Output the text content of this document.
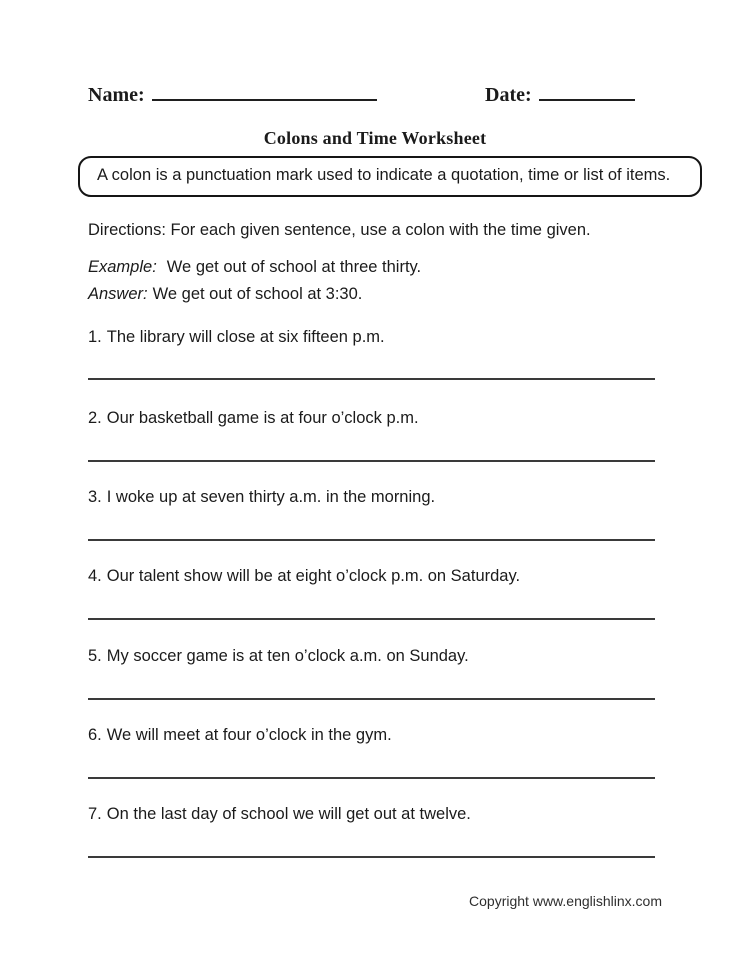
Name:	Date:
Colons and Time Worksheet

A colon is a punctuation mark used to indicate a quotation, time or list of items.

Directions: For each given sentence, use a colon with the time given.
Example: We get out of school at three thirty.
Answer: We get out of school at 3:30.
1. The library will close at six fifteen p.m.
2. Our basketball game is at four o’clock p.m.
3. I woke up at seven thirty a.m. in the morning.
4. Our talent show will be at eight o’clock p.m. on Saturday.
5. My soccer game is at ten o’clock a.m. on Sunday.
6. We will meet at four o’clock in the gym.
7. On the last day of school we will get out at twelve.
Copyright www.englishlinx.com
